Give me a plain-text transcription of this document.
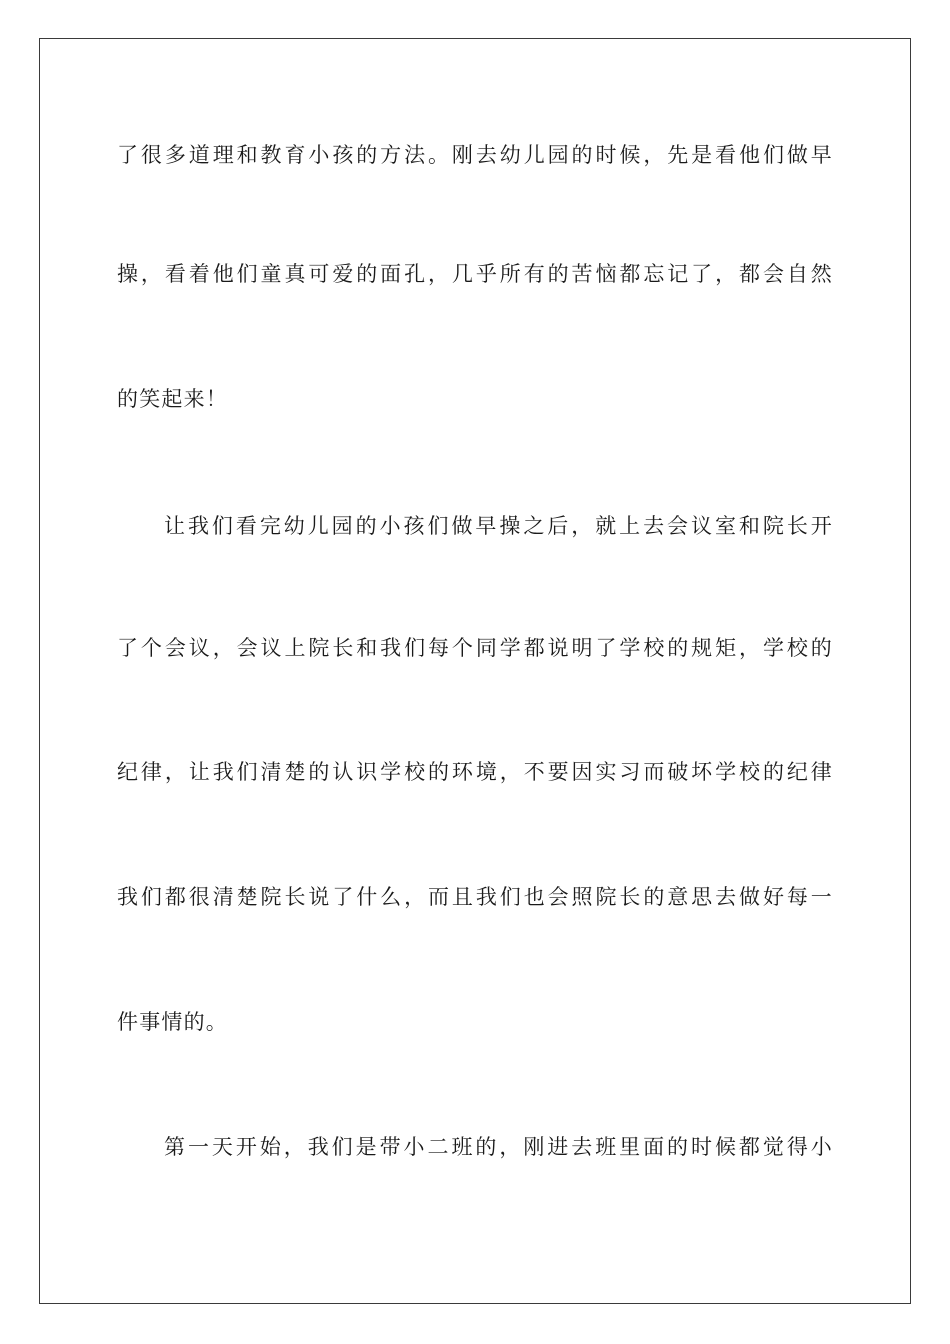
了很多道理和教育小孩的方法。刚去幼儿园的时候，先是看他们做早
操，看着他们童真可爱的面孔，几乎所有的苦恼都忘记了，都会自然
的笑起来！
让我们看完幼儿园的小孩们做早操之后，就上去会议室和院长开
了个会议，会议上院长和我们每个同学都说明了学校的规矩，学校的
纪律，让我们清楚的认识学校的环境，不要因实习而破坏学校的纪律
我们都很清楚院长说了什么，而且我们也会照院长的意思去做好每一
件事情的。
第一天开始，我们是带小二班的，刚进去班里面的时候都觉得小
